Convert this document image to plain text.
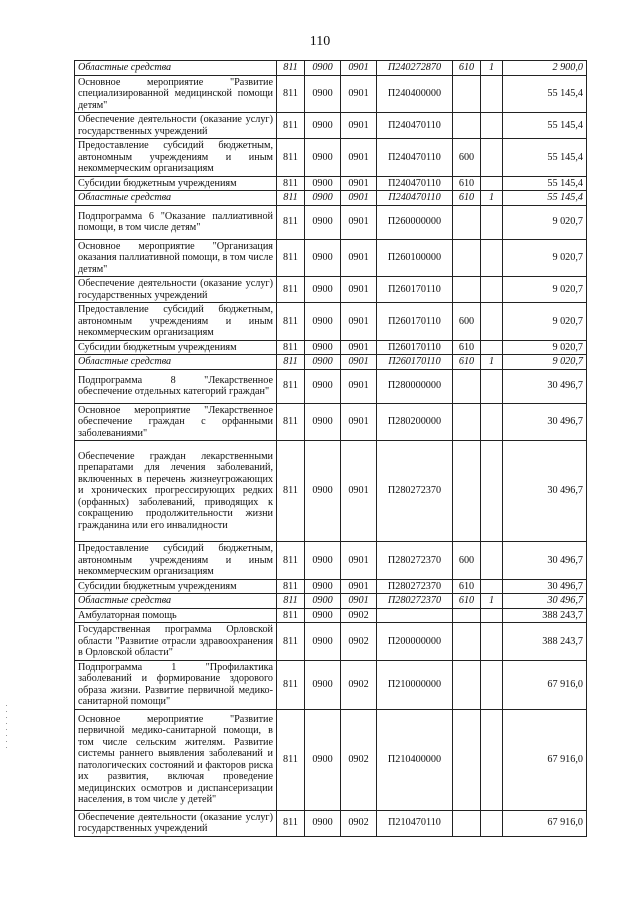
110
Областные средства	811	0900	0901	П240272870	610	1	2 900,0
Основное мероприятие "Развитие специализированной медицинской помощи детям"	811	0900	0901	П240400000			55 145,4
Обеспечение деятельности (оказание услуг) государственных учреждений	811	0900	0901	П240470110			55 145,4
Предоставление субсидий бюджетным, автономным учреждениям и иным некоммерческим организациям	811	0900	0901	П240470110	600		55 145,4
Субсидии бюджетным учреждениям	811	0900	0901	П240470110	610		55 145,4
Областные средства	811	0900	0901	П240470110	610	1	55 145,4
Подпрограмма 6 "Оказание паллиативной помощи, в том числе детям"	811	0900	0901	П260000000			9 020,7
Основное мероприятие "Организация оказания паллиативной помощи, в том числе детям"	811	0900	0901	П260100000			9 020,7
Обеспечение деятельности (оказание услуг) государственных учреждений	811	0900	0901	П260170110			9 020,7
Предоставление субсидий бюджетным, автономным учреждениям и иным некоммерческим организациям	811	0900	0901	П260170110	600		9 020,7
Субсидии бюджетным учреждениям	811	0900	0901	П260170110	610		9 020,7
Областные средства	811	0900	0901	П260170110	610	1	9 020,7
Подпрограмма 8 "Лекарственное обеспечение отдельных категорий граждан"	811	0900	0901	П280000000			30 496,7
Основное мероприятие "Лекарственное обеспечение граждан с орфанными заболеваниями"	811	0900	0901	П280200000			30 496,7
Обеспечение граждан лекарственными препаратами для лечения заболеваний, включенных в перечень жизнеугрожающих и хронических прогрессирующих редких (орфанных) заболеваний, приводящих к сокращению продолжительности жизни гражданина или его инвалидности	811	0900	0901	П280272370			30 496,7
Предоставление субсидий бюджетным, автономным учреждениям и иным некоммерческим организациям	811	0900	0901	П280272370	600		30 496,7
Субсидии бюджетным учреждениям	811	0900	0901	П280272370	610		30 496,7
Областные средства	811	0900	0901	П280272370	610	1	30 496,7
Амбулаторная помощь	811	0900	0902				388 243,7
Государственная программа Орловской области "Развитие отрасли здравоохранения в Орловской области"	811	0900	0902	П200000000			388 243,7
Подпрограмма 1 "Профилактика заболеваний и формирование здорового образа жизни. Развитие первичной медико-санитарной помощи"	811	0900	0902	П210000000			67 916,0
Основное мероприятие "Развитие первичной медико-санитарной помощи, в том числе сельским жителям. Развитие системы раннего выявления заболеваний и патологических состояний и факторов риска их развития, включая проведение медицинских осмотров и диспансеризации населения, в том числе у детей"	811	0900	0902	П210400000			67 916,0
Обеспечение деятельности (оказание услуг) государственных учреждений	811	0900	0902	П210470110			67 916,0
